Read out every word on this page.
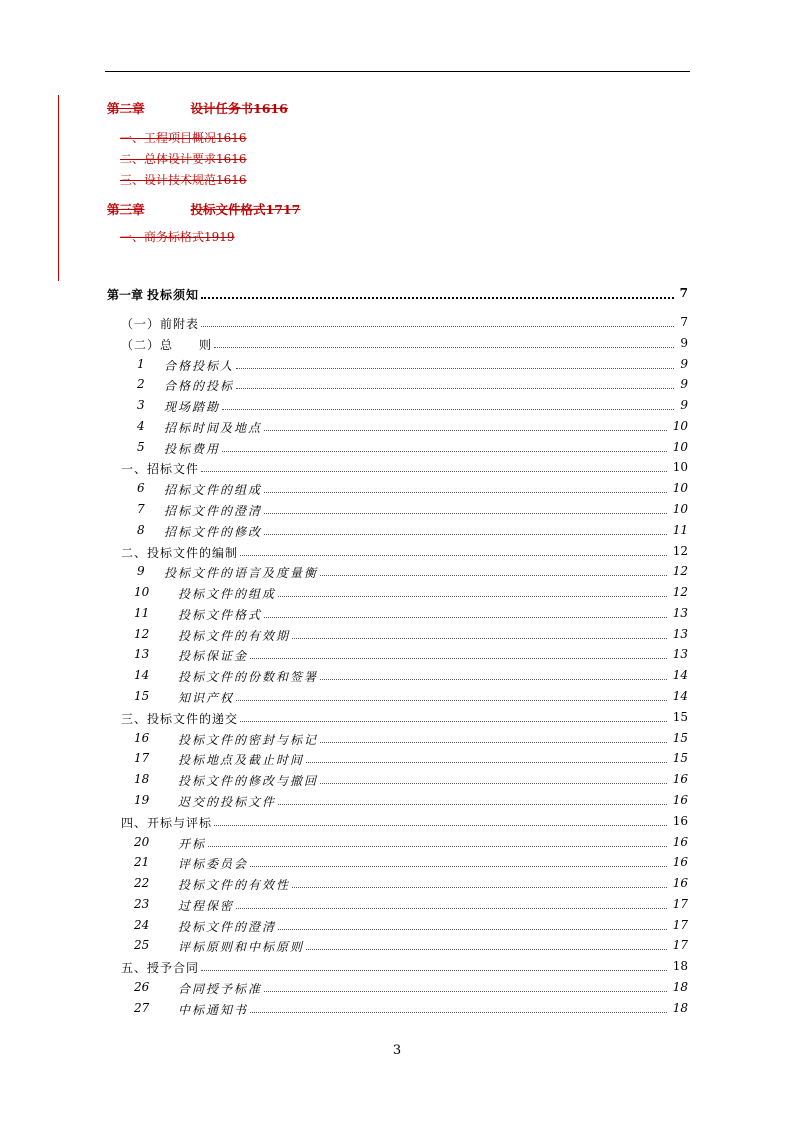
第二章	设计任务书1616
一、工程项目概况1616
二、总体设计要求1616
三、设计技术规范1616
第三章	投标文件格式1717
一、商务标格式1919
第一章 投标须知	7
（一）前附表	7
（二）总　　则	9
1 合格投标人	9
2 合格的投标	9
3 现场踏勘	9
4 招标时间及地点	10
5 投标费用	10
一、招标文件	10
6 招标文件的组成	10
7 招标文件的澄清	10
8 招标文件的修改	11
二、投标文件的编制	12
9 投标文件的语言及度量衡	12
10 投标文件的组成	12
11 投标文件格式	13
12 投标文件的有效期	13
13 投标保证金	13
14 投标文件的份数和签署	14
15 知识产权	14
三、投标文件的递交	15
16 投标文件的密封与标记	15
17 投标地点及截止时间	15
18 投标文件的修改与撤回	16
19 迟交的投标文件	16
四、开标与评标	16
20 开标	16
21 评标委员会	16
22 投标文件的有效性	16
23 过程保密	17
24 投标文件的澄清	17
25 评标原则和中标原则	17
五、授予合同	18
26 合同授予标准	18
27 中标通知书	18
3
